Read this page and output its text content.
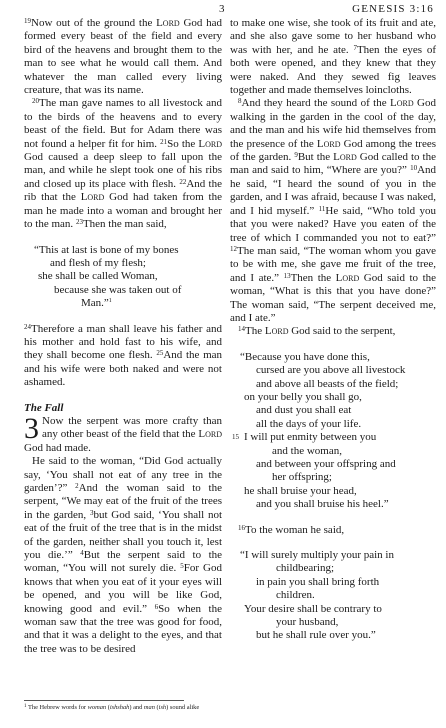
3	GENESIS 3:16

$^{19}$Now out of the ground the Lord God had formed every beast of the field and every bird of the heavens and brought them to the man to see what he would call them. And whatever the man called every living creature, that was its name.

$^{20}$The man gave names to all livestock and to the birds of the heavens and to every beast of the field. But for Adam there was not found a helper fit for him. $^{21}$So the Lord God caused a deep sleep to fall upon the man, and while he slept took one of his ribs and closed up its place with flesh. $^{22}$And the rib that the Lord God had taken from the man he made into a woman and brought her to the man. $^{23}$Then the man said,

“This at last is bone of my bones
and flesh of my flesh;
she shall be called Woman,
because she was taken out of
Man.”$^1$

$^{24}$Therefore a man shall leave his father and his mother and hold fast to his wife, and they shall become one flesh. $^{25}$And the man and his wife were both naked and were not ashamed.

The Fall

3 Now the serpent was more crafty than any other beast of the field that the Lord God had made.

He said to the woman, “Did God actually say, ‘You shall not eat of any tree in the garden’?” $^2$And the woman said to the serpent, “We may eat of the fruit of the trees in the garden, $^3$but God said, ‘You shall not eat of the fruit of the tree that is in the midst of the garden, neither shall you touch it, lest you die.’” $^4$But the serpent said to the woman, “You will not surely die. $^5$For God knows that when you eat of it your eyes will be opened, and you will be like God, knowing good and evil.” $^6$So when the woman saw that the tree was good for food, and that it was a delight to the eyes, and that the tree was to be desired

to make one wise, she took of its fruit and ate, and she also gave some to her husband who was with her, and he ate. $^7$Then the eyes of both were opened, and they knew that they were naked. And they sewed fig leaves together and made themselves loincloths.

$^8$And they heard the sound of the Lord God walking in the garden in the cool of the day, and the man and his wife hid themselves from the presence of the Lord God among the trees of the garden. $^9$But the Lord God called to the man and said to him, “Where are you?” $^{10}$And he said, “I heard the sound of you in the garden, and I was afraid, because I was naked, and I hid myself.” $^{11}$He said, “Who told you that you were naked? Have you eaten of the tree of which I commanded you not to eat?” $^{12}$The man said, “The woman whom you gave to be with me, she gave me fruit of the tree, and I ate.” $^{13}$Then the Lord God said to the woman, “What is this that you have done?” The woman said, “The serpent deceived me, and I ate.”

$^{14}$The Lord God said to the serpent,

“Because you have done this,
cursed are you above all livestock
and above all beasts of the field;
on your belly you shall go,
and dust you shall eat
all the days of your life.
15 I will put enmity between you
and the woman,
and between your offspring and
her offspring;
he shall bruise your head,
and you shall bruise his heel.”

$^{16}$To the woman he said,

“I will surely multiply your pain in
childbearing;
in pain you shall bring forth
children.
Your desire shall be contrary to
your husband,
but he shall rule over you.”
$^1$ The Hebrew words for woman (ishshah) and man (ish) sound alike
